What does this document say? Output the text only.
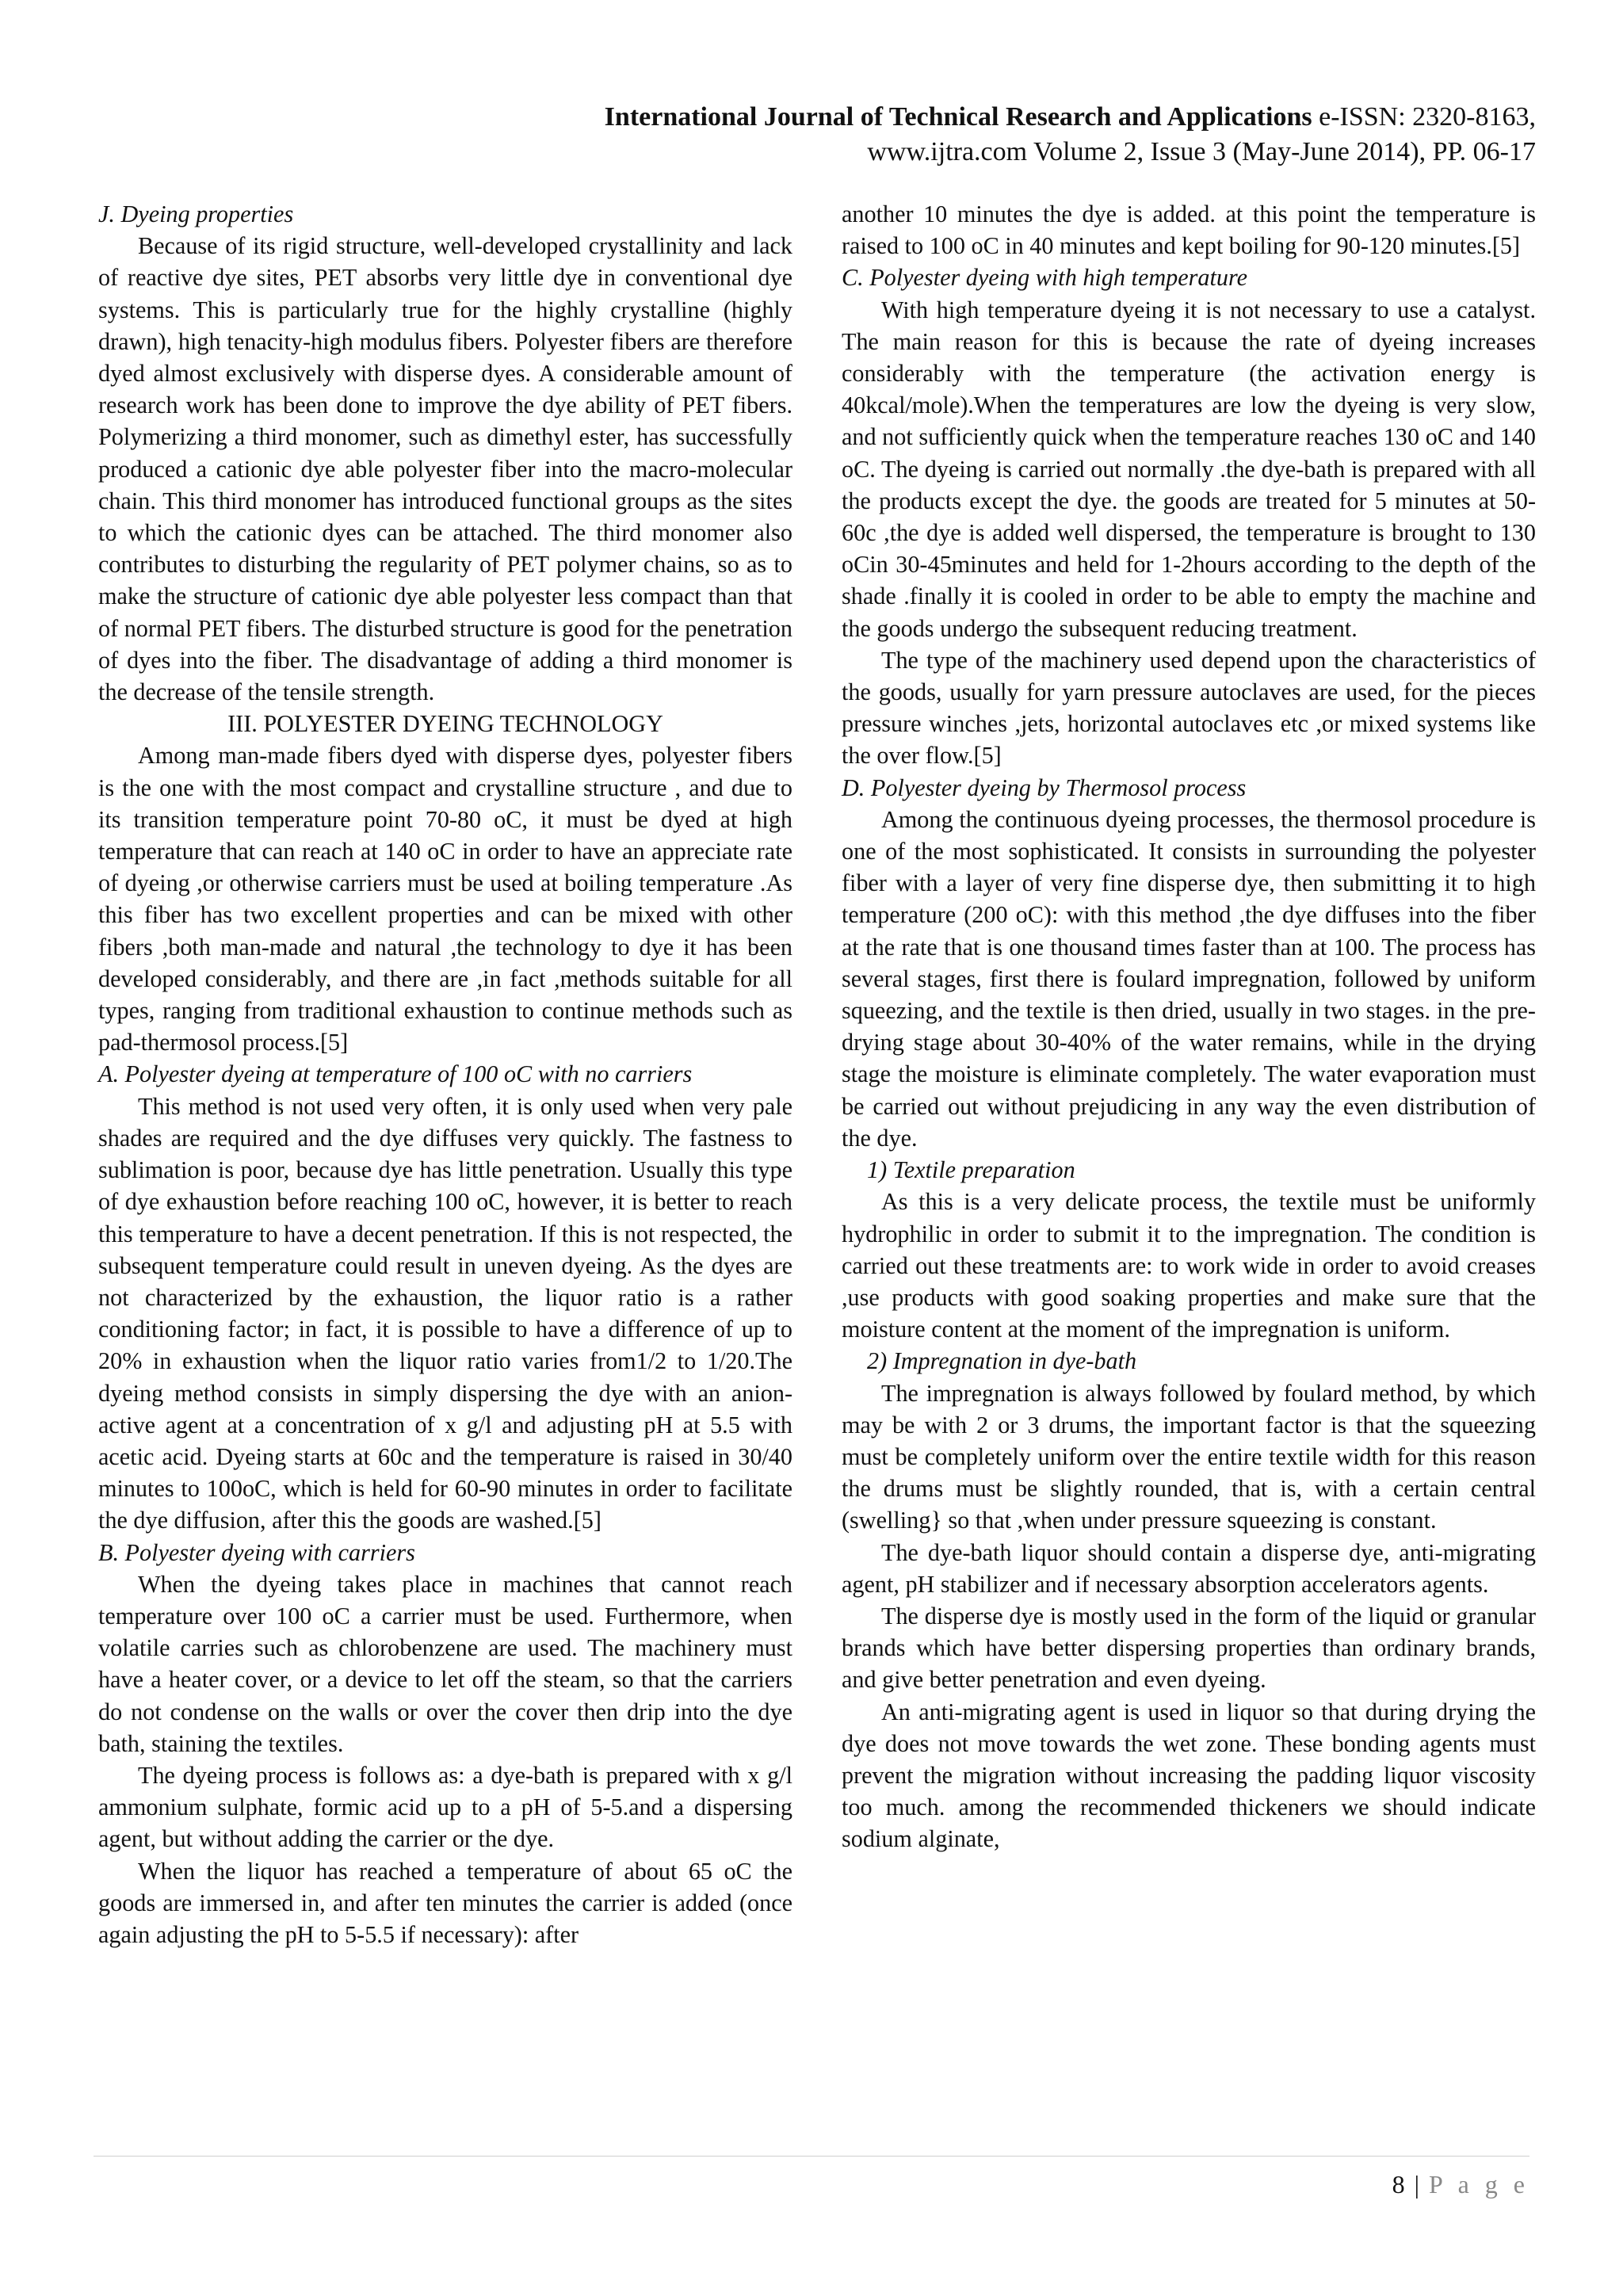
International Journal of Technical Research and Applications e-ISSN: 2320-8163,
www.ijtra.com Volume 2, Issue 3 (May-June 2014), PP. 06-17

J. Dyeing properties

Because of its rigid structure, well-developed crystallinity and lack of reactive dye sites, PET absorbs very little dye in conventional dye systems. This is particularly true for the highly crystalline (highly drawn), high tenacity-high modulus fibers. Polyester fibers are therefore dyed almost exclusively with disperse dyes. A considerable amount of research work has been done to improve the dye ability of PET fibers. Polymerizing a third monomer, such as dimethyl ester, has successfully produced a cationic dye able polyester fiber into the macro-molecular chain. This third monomer has introduced functional groups as the sites to which the cationic dyes can be attached. The third monomer also contributes to disturbing the regularity of PET polymer chains, so as to make the structure of cationic dye able polyester less compact than that of normal PET fibers. The disturbed structure is good for the penetration of dyes into the fiber. The disadvantage of adding a third monomer is the decrease of the tensile strength.

III. POLYESTER DYEING TECHNOLOGY

Among man-made fibers dyed with disperse dyes, polyester fibers is the one with the most compact and crystalline structure , and due to its transition temperature point 70-80 oC, it must be dyed at high temperature that can reach at 140 oC in order to have an appreciate rate of dyeing ,or otherwise carriers must be used at boiling temperature .As this fiber has two excellent properties and can be mixed with other fibers ,both man-made and natural ,the technology to dye it has been developed considerably, and there are ,in fact ,methods suitable for all types, ranging from traditional exhaustion to continue methods such as pad-thermosol process.[5]

A. Polyester dyeing at temperature of 100 oC with no carriers

This method is not used very often, it is only used when very pale shades are required and the dye diffuses very quickly. The fastness to sublimation is poor, because dye has little penetration. Usually this type of dye exhaustion before reaching 100 oC, however, it is better to reach this temperature to have a decent penetration. If this is not respected, the subsequent temperature could result in uneven dyeing. As the dyes are not characterized by the exhaustion, the liquor ratio is a rather conditioning factor; in fact, it is possible to have a difference of up to 20% in exhaustion when the liquor ratio varies from1/2 to 1/20.The dyeing method consists in simply dispersing the dye with an anion-active agent at a concentration of x g/l and adjusting pH at 5.5 with acetic acid. Dyeing starts at 60c and the temperature is raised in 30/40 minutes to 100oC, which is held for 60-90 minutes in order to facilitate the dye diffusion, after this the goods are washed.[5]

B. Polyester dyeing with carriers

When the dyeing takes place in machines that cannot reach temperature over 100 oC a carrier must be used. Furthermore, when volatile carries such as chlorobenzene are used. The machinery must have a heater cover, or a device to let off the steam, so that the carriers do not condense on the walls or over the cover then drip into the dye bath, staining the textiles.

The dyeing process is follows as: a dye-bath is prepared with x g/l ammonium sulphate, formic acid up to a pH of 5-5.and a dispersing agent, but without adding the carrier or the dye.

When the liquor has reached a temperature of about 65 oC the goods are immersed in, and after ten minutes the carrier is added (once again adjusting the pH to 5-5.5 if necessary): after

another 10 minutes the dye is added. at this point the temperature is raised to 100 oC in 40 minutes and kept boiling for 90-120 minutes.[5]

C. Polyester dyeing with high temperature

With high temperature dyeing it is not necessary to use a catalyst. The main reason for this is because the rate of dyeing increases considerably with the temperature (the activation energy is 40kcal/mole).When the temperatures are low the dyeing is very slow, and not sufficiently quick when the temperature reaches 130 oC and 140 oC. The dyeing is carried out normally .the dye-bath is prepared with all the products except the dye. the goods are treated for 5 minutes at 50-60c ,the dye is added well dispersed, the temperature is brought to 130 oCin 30-45minutes and held for 1-2hours according to the depth of the shade .finally it is cooled in order to be able to empty the machine and the goods undergo the subsequent reducing treatment.

The type of the machinery used depend upon the characteristics of the goods, usually for yarn pressure autoclaves are used, for the pieces pressure winches ,jets, horizontal autoclaves etc ,or mixed systems like the over flow.[5]

D. Polyester dyeing by Thermosol process

Among the continuous dyeing processes, the thermosol procedure is one of the most sophisticated. It consists in surrounding the polyester fiber with a layer of very fine disperse dye, then submitting it to high temperature (200 oC): with this method ,the dye diffuses into the fiber at the rate that is one thousand times faster than at 100. The process has several stages, first there is foulard impregnation, followed by uniform squeezing, and the textile is then dried, usually in two stages. in the pre-drying stage about 30-40% of the water remains, while in the drying stage the moisture is eliminate completely. The water evaporation must be carried out without prejudicing in any way the even distribution of the dye.

1) Textile preparation

As this is a very delicate process, the textile must be uniformly hydrophilic in order to submit it to the impregnation. The condition is carried out these treatments are: to work wide in order to avoid creases ,use products with good soaking properties and make sure that the moisture content at the moment of the impregnation is uniform.

2) Impregnation in dye-bath

The impregnation is always followed by foulard method, by which may be with 2 or 3 drums, the important factor is that the squeezing must be completely uniform over the entire textile width for this reason the drums must be slightly rounded, that is, with a certain central (swelling} so that ,when under pressure squeezing is constant.

The dye-bath liquor should contain a disperse dye, anti-migrating agent, pH stabilizer and if necessary absorption accelerators agents.

The disperse dye is mostly used in the form of the liquid or granular brands which have better dispersing properties than ordinary brands, and give better penetration and even dyeing.

An anti-migrating agent is used in liquor so that during drying the dye does not move towards the wet zone. These bonding agents must prevent the migration without increasing the padding liquor viscosity too much. among the recommended thickeners we should indicate sodium alginate,

8 | P a g e
